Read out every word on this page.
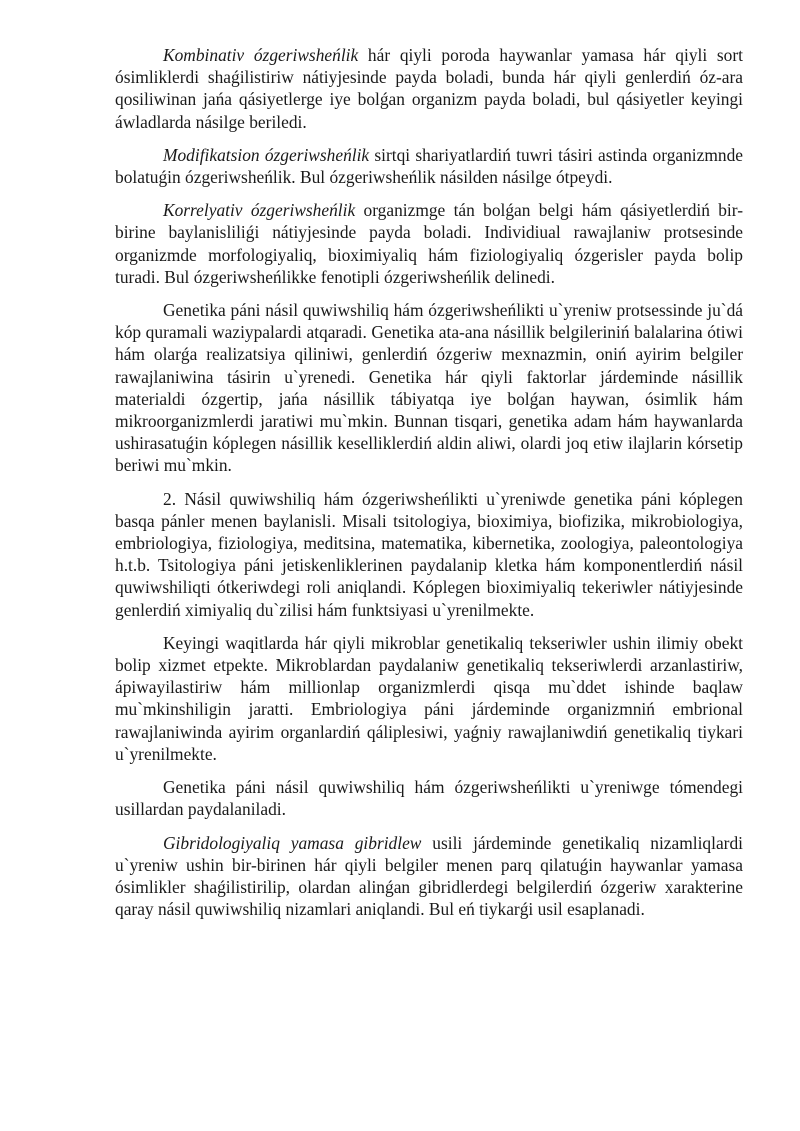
Kombinativ ózgeriwsheńlik hár qiyli poroda haywanlar yamasa hár qiyli sort ósimliklerdi shaǵilistiriw nátiyjesinde payda boladi, bunda hár qiyli genlerdiń óz-ara qosiliwinan jańa qásiyetlerge iye bolǵan organizm payda boladi, bul qásiyetler keyingi áwladlarda násilge beriledi.

Modifikatsion ózgeriwsheńlik sirtqi shariyatlardiń tuwri tásiri astinda organizmnde bolatuǵin ózgeriwsheńlik. Bul ózgeriwsheńlik násilden násilge ótpeydi.

Korrelyativ ózgeriwsheńlik organizmge tán bolǵan belgi hám qásiyetlerdiń bir-birine baylanisliliǵi nátiyjesinde payda boladi. Individiual rawajlaniw protsesinde organizmde morfologiyaliq, bioximiyaliq hám fiziologiyaliq ózgerisler payda bolip turadi. Bul ózgeriwsheńlikke fenotipli ózgeriwsheńlik delinedi.

Genetika páni násil quwiwshiliq hám ózgeriwsheńlikti u`yreniw protsessinde ju`dá kóp quramali waziypalardi atqaradi. Genetika ata-ana násillik belgileriniń balalarina ótiwi hám olarǵa realizatsiya qiliniwi, genlerdiń ózgeriw mexnazmin, oniń ayirim belgiler rawajlaniwina tásirin u`yrenedi. Genetika hár qiyli faktorlar járdeminde násillik materialdi ózgertip, jańa násillik tábiyatqa iye bolǵan haywan, ósimlik hám mikroorganizmlerdi jaratiwi mu`mkin. Bunnan tisqari, genetika adam hám haywanlarda ushirasatuǵin kóplegen násillik keselliklerdiń aldin aliwi, olardi joq etiw ilajlarin kórsetip beriwi mu`mkin.

2. Násil quwiwshiliq hám ózgeriwsheńlikti u`yreniwde genetika páni kóplegen basqa pánler menen baylanisli. Misali tsitologiya, bioximiya, biofizika, mikrobiologiya, embriologiya, fiziologiya, meditsina, matematika, kibernetika, zoologiya, paleontologiya h.t.b. Tsitologiya páni jetiskenliklerinen paydalanip kletka hám komponentlerdiń násil quwiwshiliqti ótkeriwdegi roli aniqlandi. Kóplegen bioximiyaliq tekeriwler nátiyjesinde genlerdiń ximiyaliq du`zilisi hám funktsiyasi u`yrenilmekte.

Keyingi waqitlarda hár qiyli mikroblar genetikaliq tekseriwler ushin ilimiy obekt bolip xizmet etpekte. Mikroblardan paydalaniw genetikaliq tekseriwlerdi arzanlastiriw, ápiwayilastiriw hám millionlap organizmlerdi qisqa mu`ddet ishinde baqlaw mu`mkinshiligin jaratti. Embriologiya páni járdeminde organizmniń embrional rawajlaniwinda ayirim organlardiń qáliplesiwi, yaǵniy rawajlaniwdiń genetikaliq tiykari u`yrenilmekte.

Genetika páni násil quwiwshiliq hám ózgeriwsheńlikti u`yreniwge tómendegi usillardan paydalaniladi.

Gibridologiyaliq yamasa gibridlew usili járdeminde genetikaliq nizamliqlardi u`yreniw ushin bir-birinen hár qiyli belgiler menen parq qilatuǵin haywanlar yamasa ósimlikler shaǵilistirilip, olardan alinǵan gibridlerdegi belgilerdiń ózgeriw xarakterine qaray násil quwiwshiliq nizamlari aniqlandi. Bul eń tiykarǵi usil esaplanadi.
